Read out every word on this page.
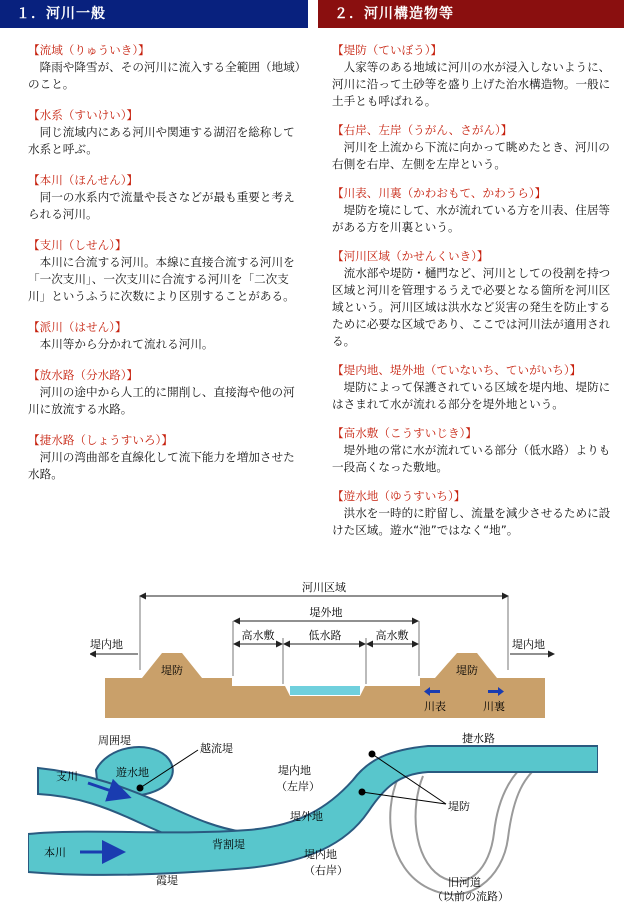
１．河川一般	２．河川構造物等

【流域（りゅういき）】

降雨や降雪が、その河川に流入する全範囲（地域）のこと。

【水系（すいけい）】

同じ流域内にある河川や関連する湖沼を総称して水系と呼ぶ。

【本川（ほんせん）】

同一の水系内で流量や長さなどが最も重要と考えられる河川。

【支川（しせん）】

本川に合流する河川。本線に直接合流する河川を「一次支川」、一次支川に合流する河川を「二次支川」というふうに次数により区別することがある。

【派川（はせん）】

本川等から分かれて流れる河川。

【放水路（分水路）】

河川の途中から人工的に開削し、直接海や他の河川に放流する水路。

【捷水路（しょうすいろ）】

河川の湾曲部を直線化して流下能力を増加させた水路。

【堤防（ていぼう）】

人家等のある地域に河川の水が浸入しないように、河川に沿って土砂等を盛り上げた治水構造物。一般に土手とも呼ばれる。

【右岸、左岸（うがん、さがん）】

河川を上流から下流に向かって眺めたとき、河川の右側を右岸、左側を左岸という。

【川表、川裏（かわおもて、かわうら）】

堤防を境にして、水が流れている方を川表、住居等がある方を川裏という。

【河川区域（かせんくいき）】

流水部や堤防・樋門など、河川としての役割を持つ区域と河川を管理するうえで必要となる箇所を河川区域という。河川区域は洪水など災害の発生を防止するために必要な区域であり、ここでは河川法が適用される。

【堤内地、堤外地（ていないち、ていがいち）】

堤防によって保護されている区域を堤内地、堤防にはさまれて水が流れる部分を堤外地という。

【高水敷（こうすいじき）】

堤外地の常に水が流れている部分（低水路）よりも一段高くなった敷地。

【遊水地（ゆうすいち）】

洪水を一時的に貯留し、流量を減少させるために設けた区域。遊水“池”ではなく“地”。

河川区域
堤外地
高水敷	低水路	高水敷
堤内地	堤内地
堤防	堤防
川表	川裏
周囲堤
越流堤
支川	遊水地
本川
背割堤
霞堤
堤内地
（左岸）
堤外地
堤内地
（右岸）
捷水路
堤防
旧河道
（以前の流路）
